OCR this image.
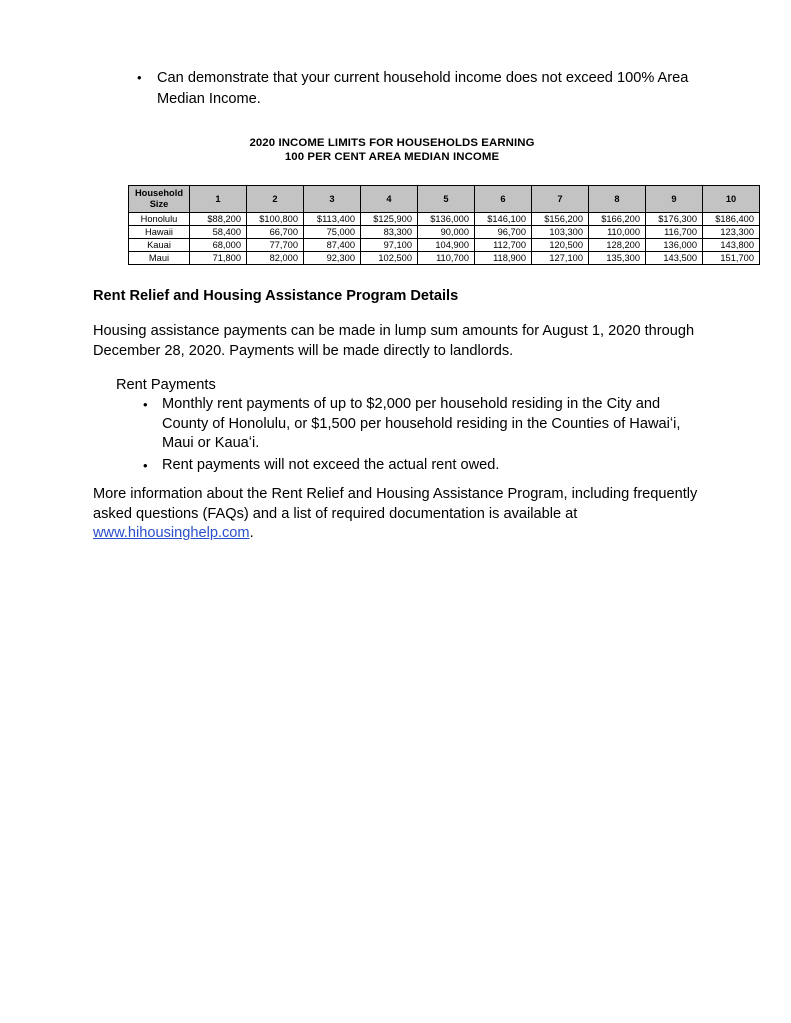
•	Can demonstrate that your current household income does not exceed 100% Area Median Income.
2020 INCOME LIMITS FOR HOUSEHOLDS EARNING
100 PER CENT AREA MEDIAN INCOME
Household
Size	1	2	3	4	5	6	7	8	9	10
Honolulu	$88,200	$100,800	$113,400	$125,900	$136,000	$146,100	$156,200	$166,200	$176,300	$186,400
Hawaii	58,400	66,700	75,000	83,300	90,000	96,700	103,300	110,000	116,700	123,300
Kauai	68,000	77,700	87,400	97,100	104,900	112,700	120,500	128,200	136,000	143,800
Maui	71,800	82,000	92,300	102,500	110,700	118,900	127,100	135,300	143,500	151,700
Rent Relief and Housing Assistance Program Details
Housing assistance payments can be made in lump sum amounts for August 1, 2020 through December 28, 2020. Payments will be made directly to landlords.
Rent Payments
• Monthly rent payments of up to $2,000 per household residing in the City and County of Honolulu, or $1,500 per household residing in the Counties of Hawaiʻi, Maui or Kauaʻi.
• Rent payments will not exceed the actual rent owed.
More information about the Rent Relief and Housing Assistance Program, including frequently asked questions (FAQs) and a list of required documentation is available at www.hihousinghelp.com.
